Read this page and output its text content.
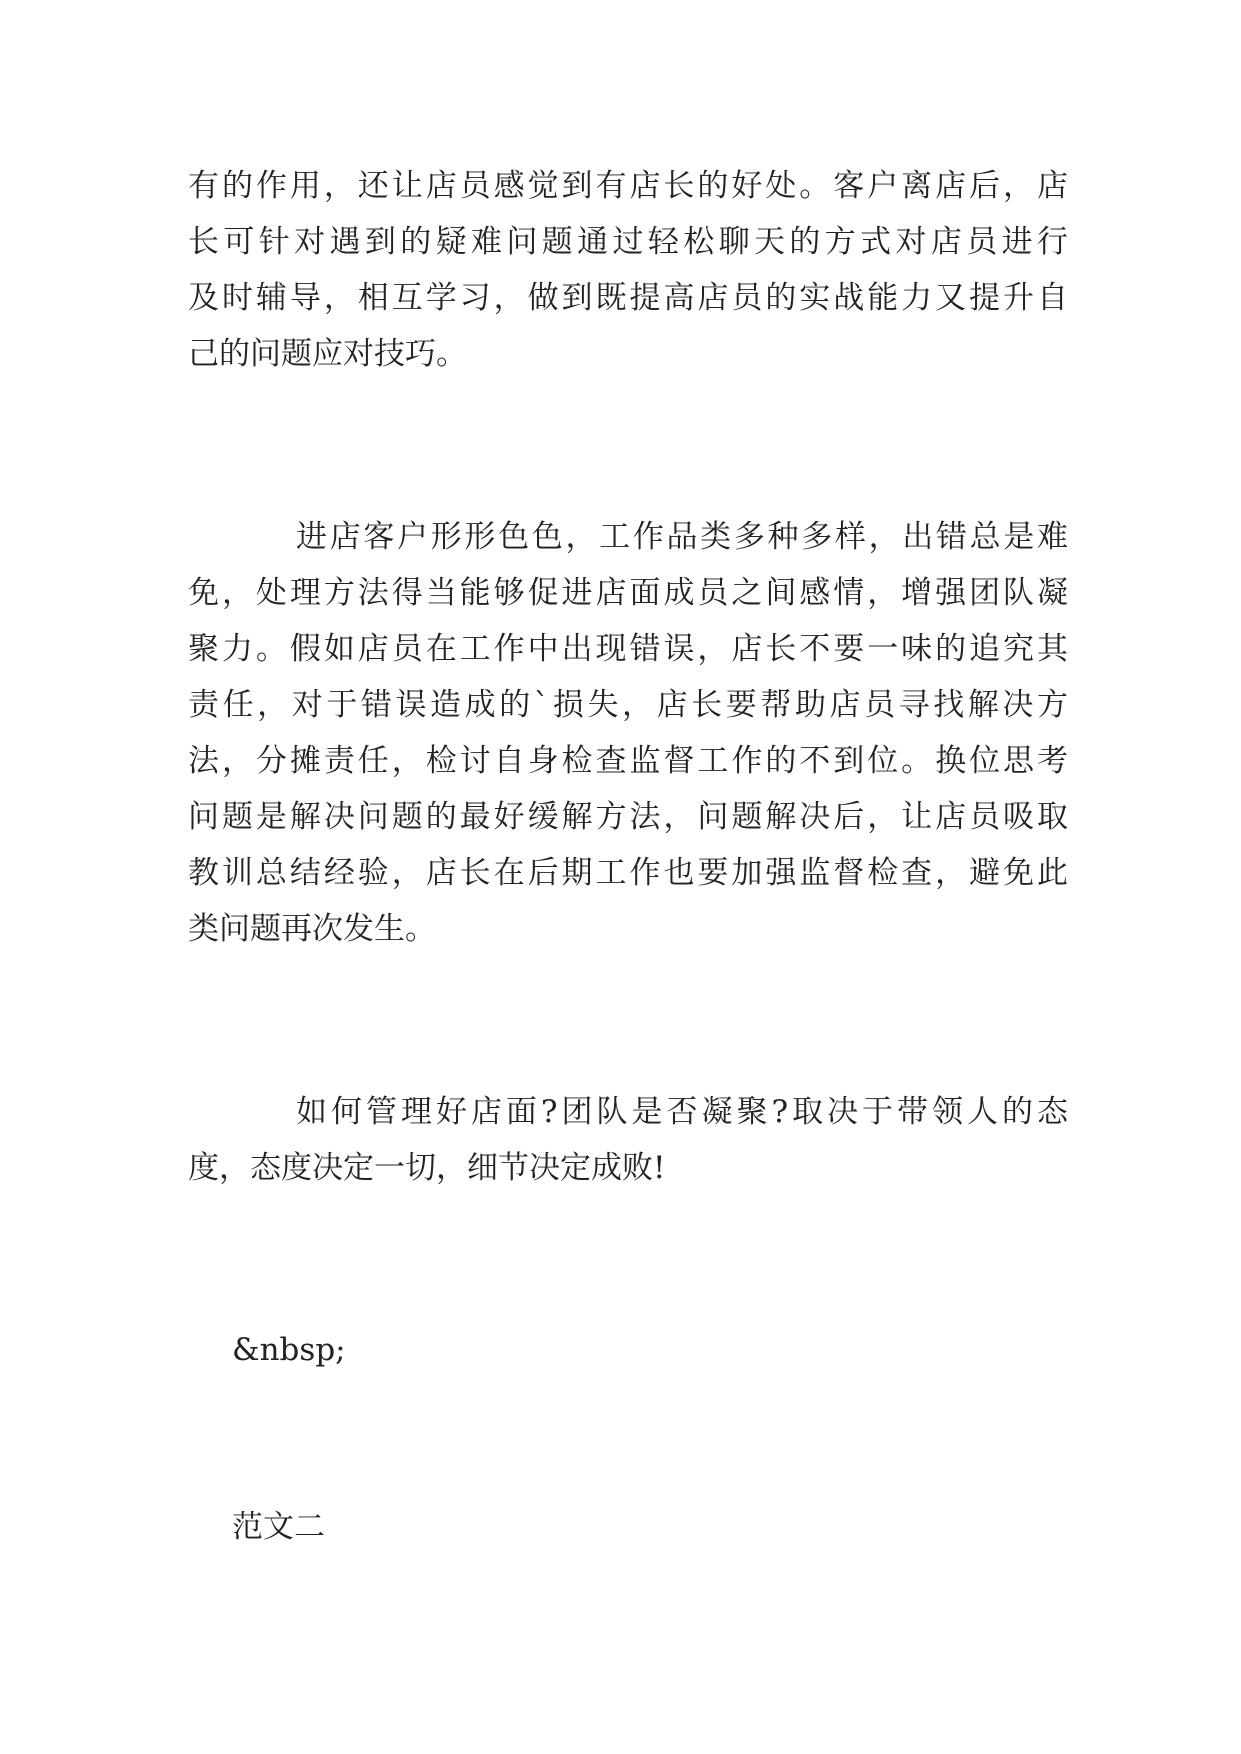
有的作用，还让店员感觉到有店长的好处。客户离店后，店
长可针对遇到的疑难问题通过轻松聊天的方式对店员进行
及时辅导，相互学习，做到既提高店员的实战能力又提升自
己的问题应对技巧。
进店客户形形色色，工作品类多种多样，出错总是难
免，处理方法得当能够促进店面成员之间感情，增强团队凝
聚力。假如店员在工作中出现错误，店长不要一味的追究其
责任，对于错误造成的`损失，店长要帮助店员寻找解决方
法，分摊责任，检讨自身检查监督工作的不到位。换位思考
问题是解决问题的最好缓解方法，问题解决后，让店员吸取
教训总结经验，店长在后期工作也要加强监督检查，避免此
类问题再次发生。
如何管理好店面?团队是否凝聚?取决于带领人的态
度，态度决定一切，细节决定成败!
&nbsp;
范文二
